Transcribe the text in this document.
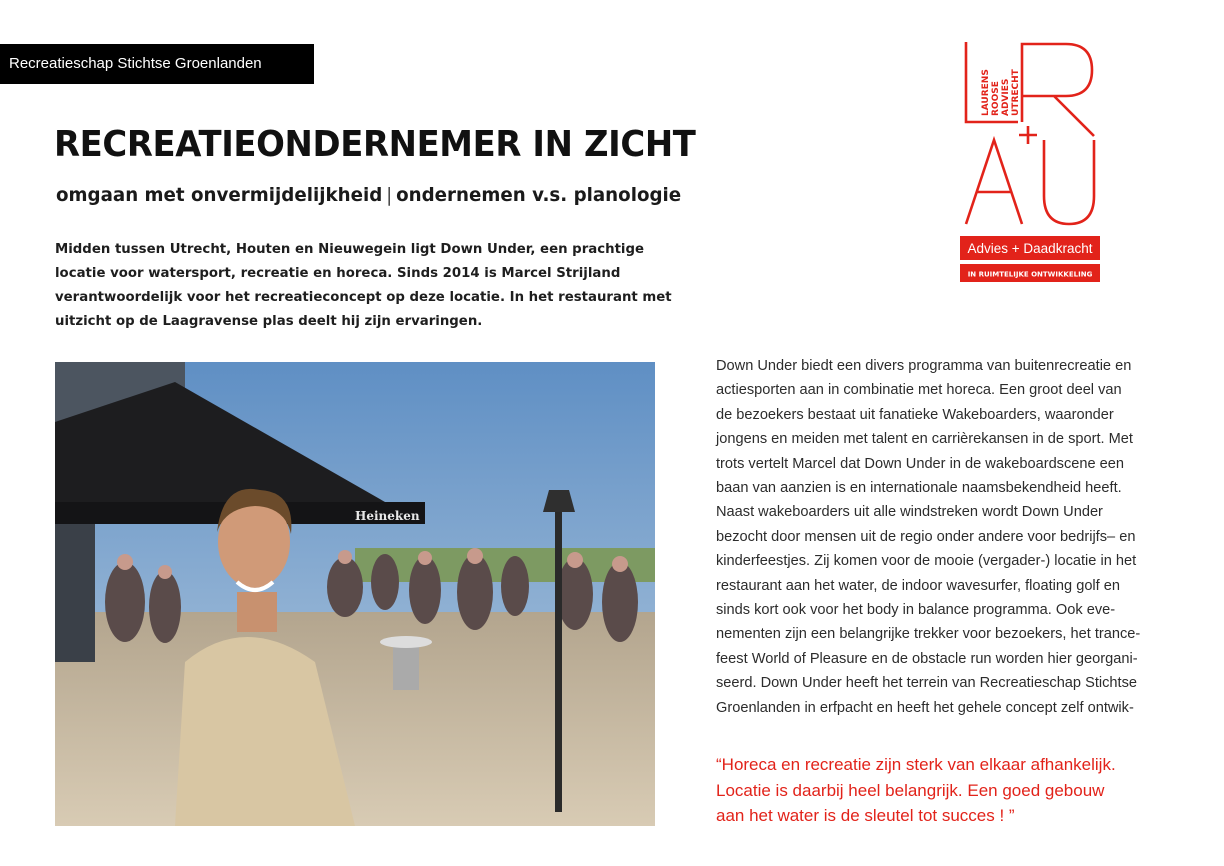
Recreatieschap Stichtse Groenlanden
RECREATIEONDERNEMER IN ZICHT
omgaan met onvermijdelijkheid | ondernemen v.s. planologie

Midden tussen Utrecht, Houten en Nieuwegein ligt Down Under, een prachtige locatie voor watersport, recreatie en horeca. Sinds 2014 is Marcel Strijland verantwoordelijk voor het recreatieconcept op deze locatie. In het restaurant met uitzicht op de Laagravense plas deelt hij zijn ervaringen.

LAURENS ROOSE ADVIES UTRECHT
Advies + Daadkracht
IN RUIMTELIJKE ONTWIKKELING
Heineken

Down Under biedt een divers programma van buitenrecreatie en
actiesporten aan in combinatie met horeca. Een groot deel van
de bezoekers bestaat uit fanatieke Wakeboarders, waaronder
jongens en meiden met talent en carrièrekansen in de sport. Met
trots vertelt Marcel dat Down Under in de wakeboardscene een
baan van aanzien is en internationale naamsbekendheid heeft.
Naast wakeboarders uit alle windstreken wordt Down Under
bezocht door mensen uit de regio onder andere voor bedrijfs– en
kinderfeestjes. Zij komen voor de mooie (vergader-) locatie in het
restaurant aan het water, de indoor wavesurfer, floating golf en
sinds kort ook voor het body in balance programma. Ook eve-
nementen zijn een belangrijke trekker voor bezoekers, het trance-
feest World of Pleasure en de obstacle run worden hier georgani-
seerd. Down Under heeft het terrein van Recreatieschap Stichtse
Groenlanden in erfpacht en heeft het gehele concept zelf ontwik-

“Horeca en recreatie zijn sterk van elkaar afhankelijk.
Locatie is daarbij heel belangrijk. Een goed gebouw
aan het water is de sleutel tot succes ! ”
